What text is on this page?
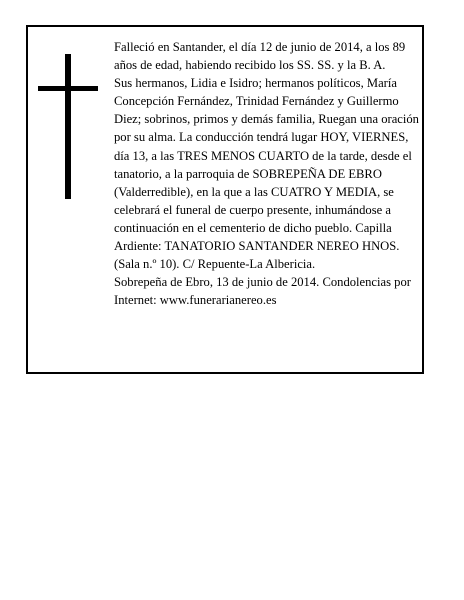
Falleció en Santander, el día 12 de junio de 2014, a los 89 años de edad, habiendo recibido los SS. SS. y la B. A.

Sus hermanos, Lidia e Isidro; hermanos políticos, María Concepción Fernández, Trinidad Fernández y Guillermo Diez; sobrinos, primos y demás familia, Ruegan una oración por su alma. La conducción tendrá lugar HOY, VIERNES, día 13, a las TRES MENOS CUARTO de la tarde, desde el tanatorio, a la parroquia de SOBREPEÑA DE EBRO (Valderredible), en la que a las CUATRO Y MEDIA, se celebrará el funeral de cuerpo presente, inhumándose a continuación en el cementerio de dicho pueblo. Capilla Ardiente: TANATORIO SANTANDER NEREO HNOS. (Sala n.º 10). C/ Repuente-La Albericia.

Sobrepeña de Ebro, 13 de junio de 2014. Condolencias por Internet: www.funerarianereo.es
